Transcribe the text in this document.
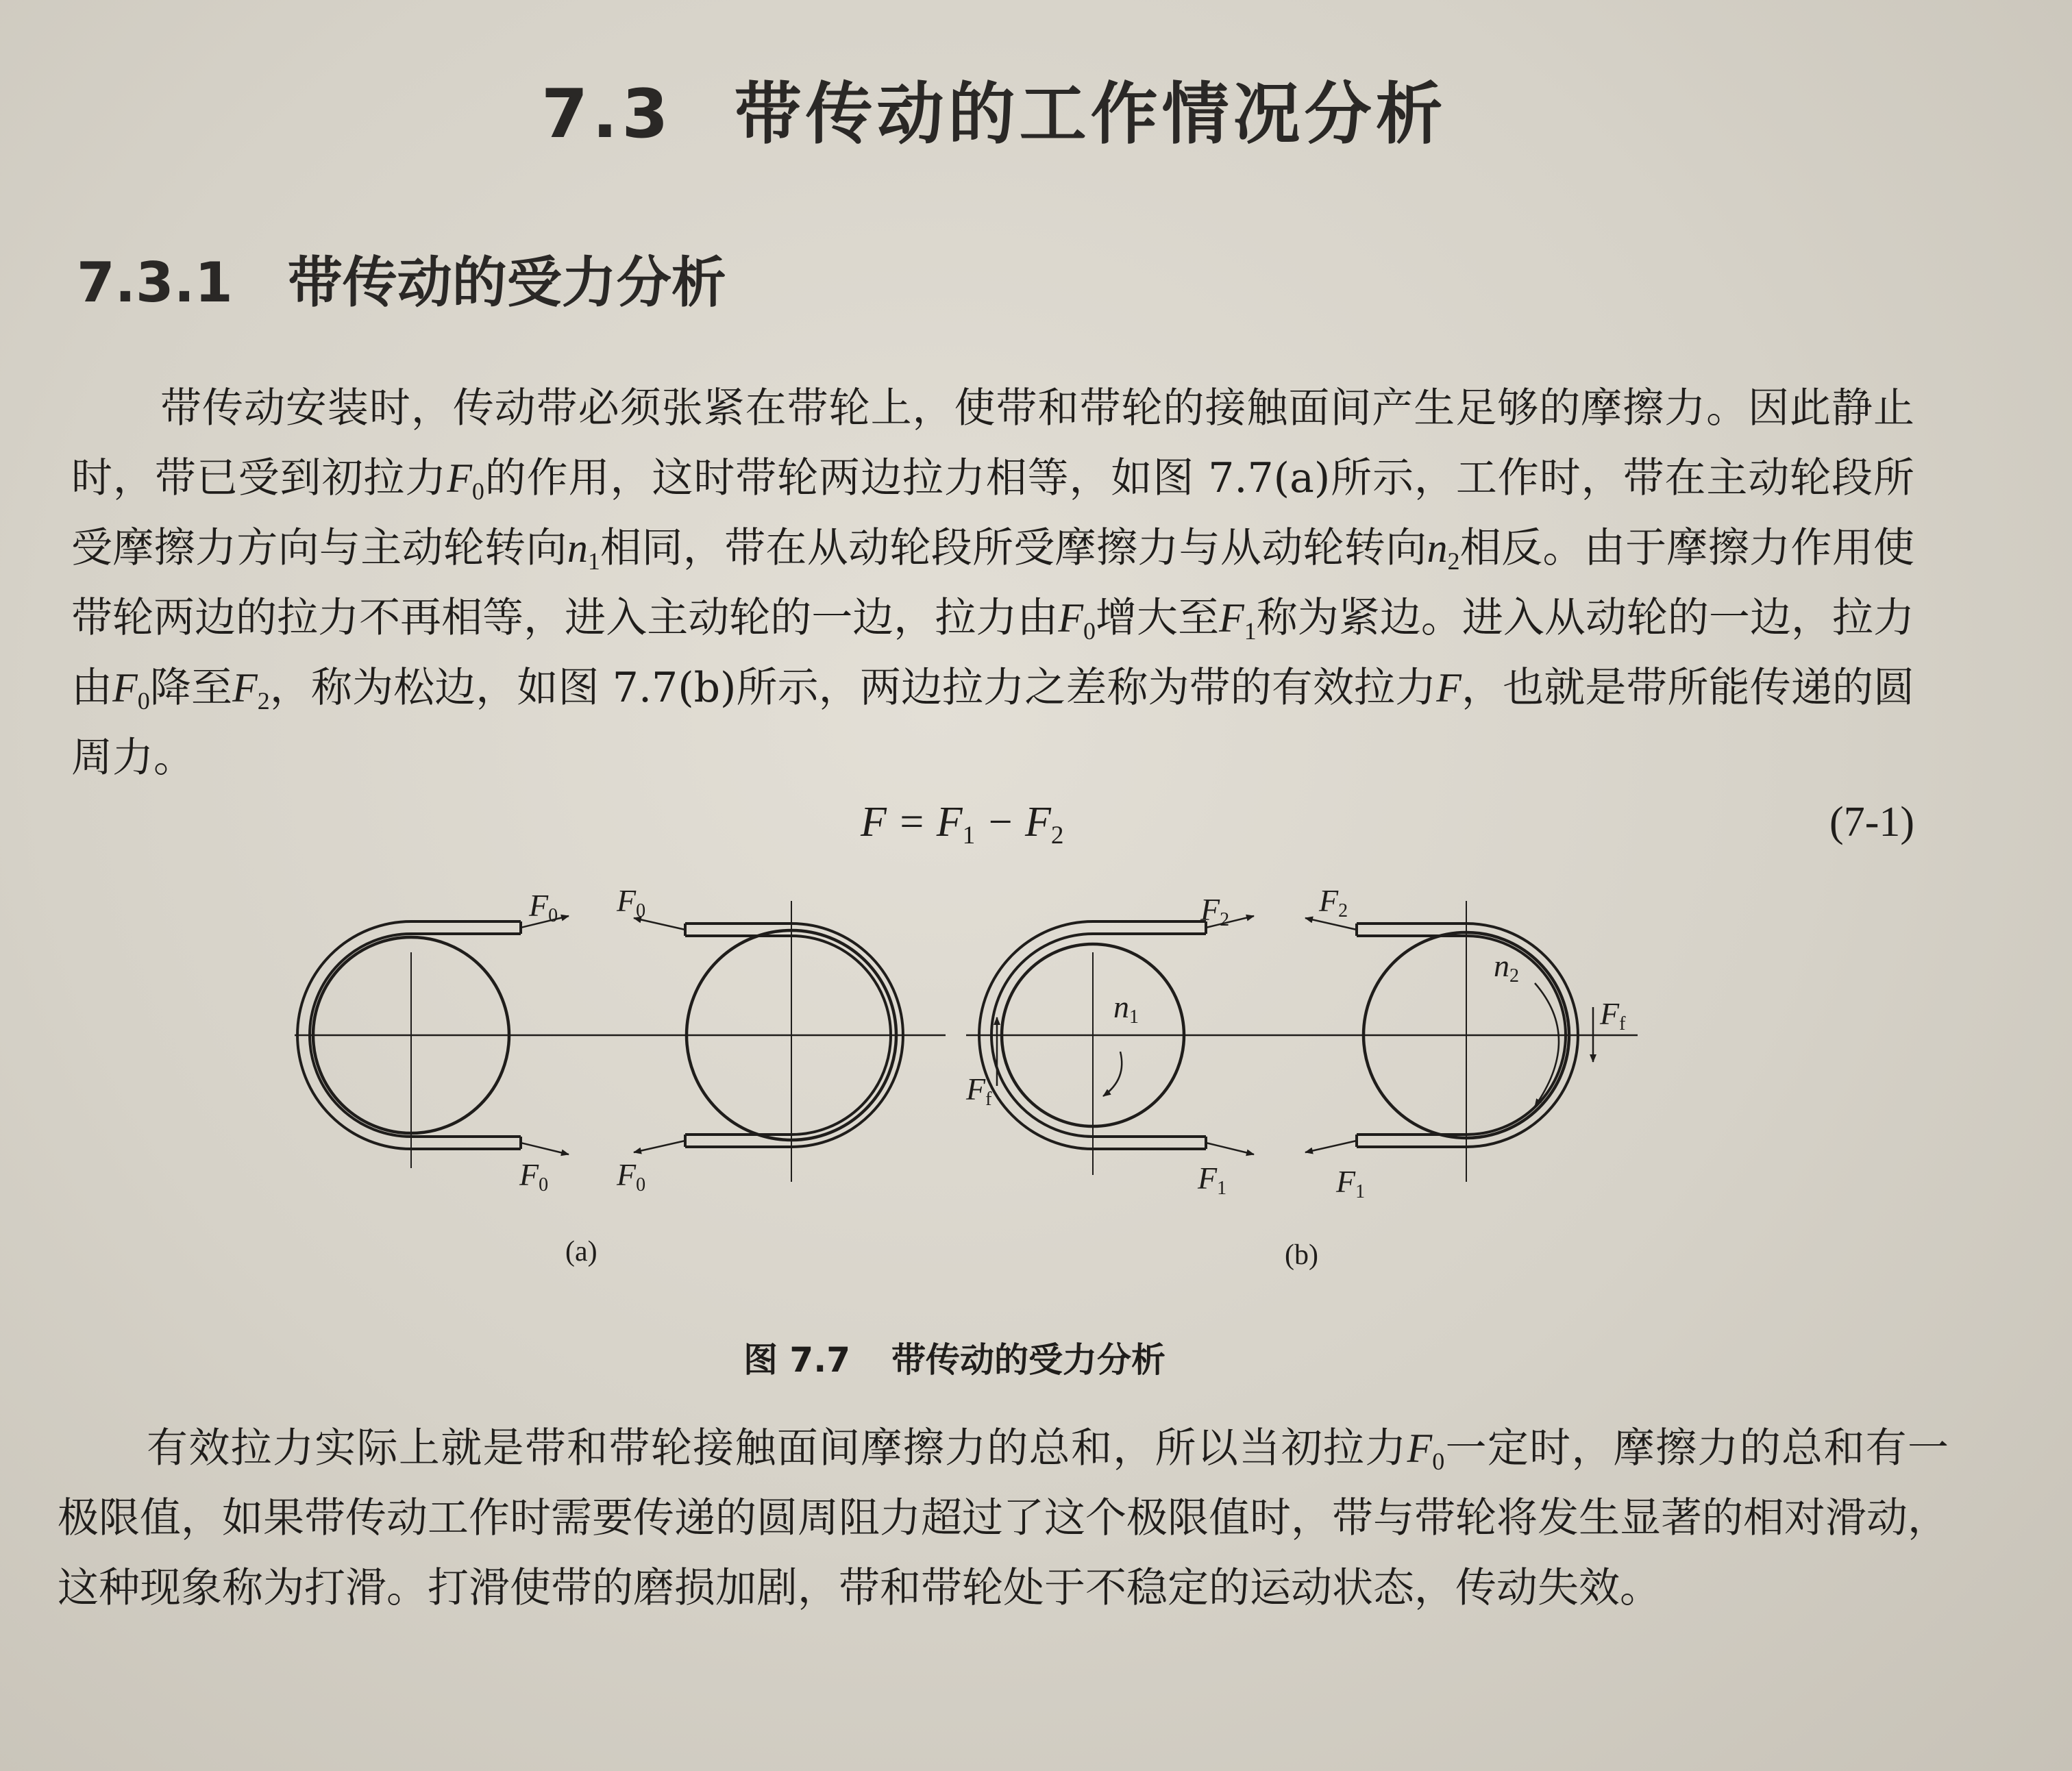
7.3 带传动的工作情况分析
7.3.1 带传动的受力分析
带传动安装时，传动带必须张紧在带轮上，使带和带轮的接触面间产生足够的摩擦力。因此静止时，带已受到初拉力$F_0$的作用，这时带轮两边拉力相等，如图 7.7(a)所示，工作时，带在主动轮段所受摩擦力方向与主动轮转向$n_1$相同，带在从动轮段所受摩擦力与从动轮转向$n_2$相反。由于摩擦力作用使带轮两边的拉力不再相等，进入主动轮的一边，拉力由$F_0$增大至$F_1$称为紧边。进入从动轮的一边，拉力由$F_0$降至$F_2$，称为松边，如图 7.7(b)所示，两边拉力之差称为带的有效拉力F，也就是带所能传递的圆周力。
$F = F_1 - F_2$	(7-1)
F0 F0
F0 F0
F2
F2
F1	F1
n1
n2
Ff
Ff
(a)	(b)
图 7.7 带传动的受力分析
有效拉力实际上就是带和带轮接触面间摩擦力的总和，所以当初拉力$F_0$一定时，摩擦力的总和有一极限值，如果带传动工作时需要传递的圆周阻力超过了这个极限值时，带与带轮将发生显著的相对滑动，这种现象称为打滑。打滑使带的磨损加剧，带和带轮处于不稳定的运动状态，传动失效。
